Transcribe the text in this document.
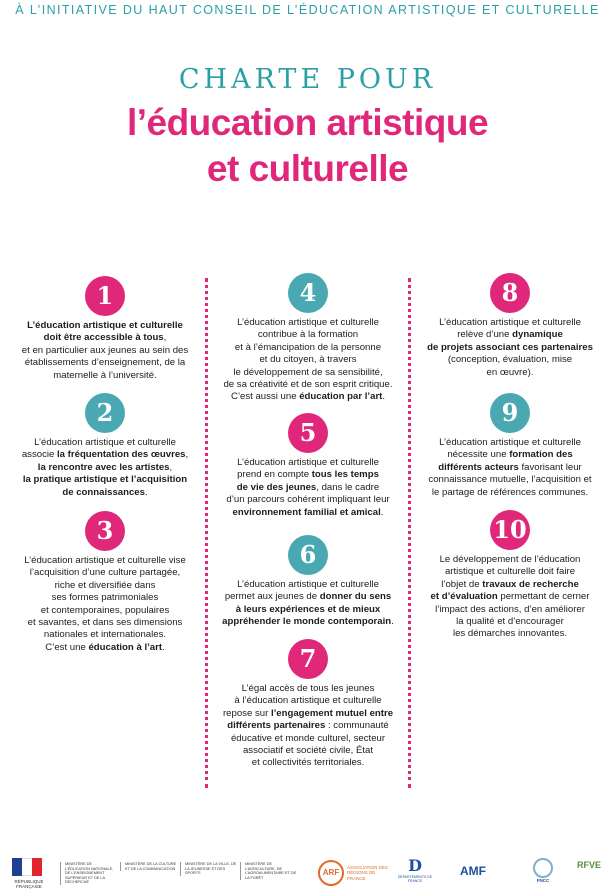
À L’INITIATIVE DU HAUT CONSEIL DE L’ÉDUCATION ARTISTIQUE ET CULTURELLE
CHARTE POUR
l’éducation artistique
et culturelle
1
L’éducation artistique et culturelle
doit être accessible à tous,
et en particulier aux jeunes au sein des
établissements d’enseignement, de la
maternelle à l’université.
2
L’éducation artistique et culturelle
associe la fréquentation des œuvres,
la rencontre avec les artistes,
la pratique artistique et l’acquisition
de connaissances.
3
L’éducation artistique et culturelle vise
l’acquisition d’une culture partagée,
riche et diversifiée dans
ses formes patrimoniales
et contemporaines, populaires
et savantes, et dans ses dimensions
nationales et internationales.
C’est une éducation à l’art.
4
L’éducation artistique et culturelle
contribue à la formation
et à l’émancipation de la personne
et du citoyen, à travers
le développement de sa sensibilité,
de sa créativité et de son esprit critique.
C’est aussi une éducation par l’art.
5
L’éducation artistique et culturelle
prend en compte tous les temps
de vie des jeunes, dans le cadre
d’un parcours cohérent impliquant leur
environnement familial et amical.
6
L’éducation artistique et culturelle
permet aux jeunes de donner du sens
à leurs expériences et de mieux
appréhender le monde contemporain.
7
L’égal accès de tous les jeunes
à l’éducation artistique et culturelle
repose sur l’engagement mutuel entre
différents partenaires : communauté
éducative et monde culturel, secteur
associatif et société civile, État
et collectivités territoriales.
8
L’éducation artistique et culturelle
relève d’une dynamique
de projets associant ces partenaires
(conception, évaluation, mise
en œuvre).
9
L’éducation artistique et culturelle
nécessite une formation des
différents acteurs favorisant leur
connaissance mutuelle, l’acquisition et
le partage de références communes.
10
Le développement de l’éducation
artistique et culturelle doit faire
l’objet de travaux de recherche
et d’évaluation permettant de cerner
l’impact des actions, d’en améliorer
la qualité et d’encourager
les démarches innovantes.
RÉPUBLIQUE FRANÇAISE
MINISTÈRE DE L’ÉDUCATION NATIONALE, DE L’ENSEIGNEMENT SUPÉRIEUR ET DE LA RECHERCHE
MINISTÈRE DE LA CULTURE ET DE LA COMMUNICATION
MINISTÈRE DE LA VILLE, DE LA JEUNESSE ET DES SPORTS
MINISTÈRE DE L’AGRICULTURE, DE L’AGROALIMENTAIRE ET DE LA FORÊT
ARF
ASSOCIATION DES RÉGIONS DE FRANCE
D
DÉPARTEMENTS DE FRANCE
AMF
FNCC
RFVE
